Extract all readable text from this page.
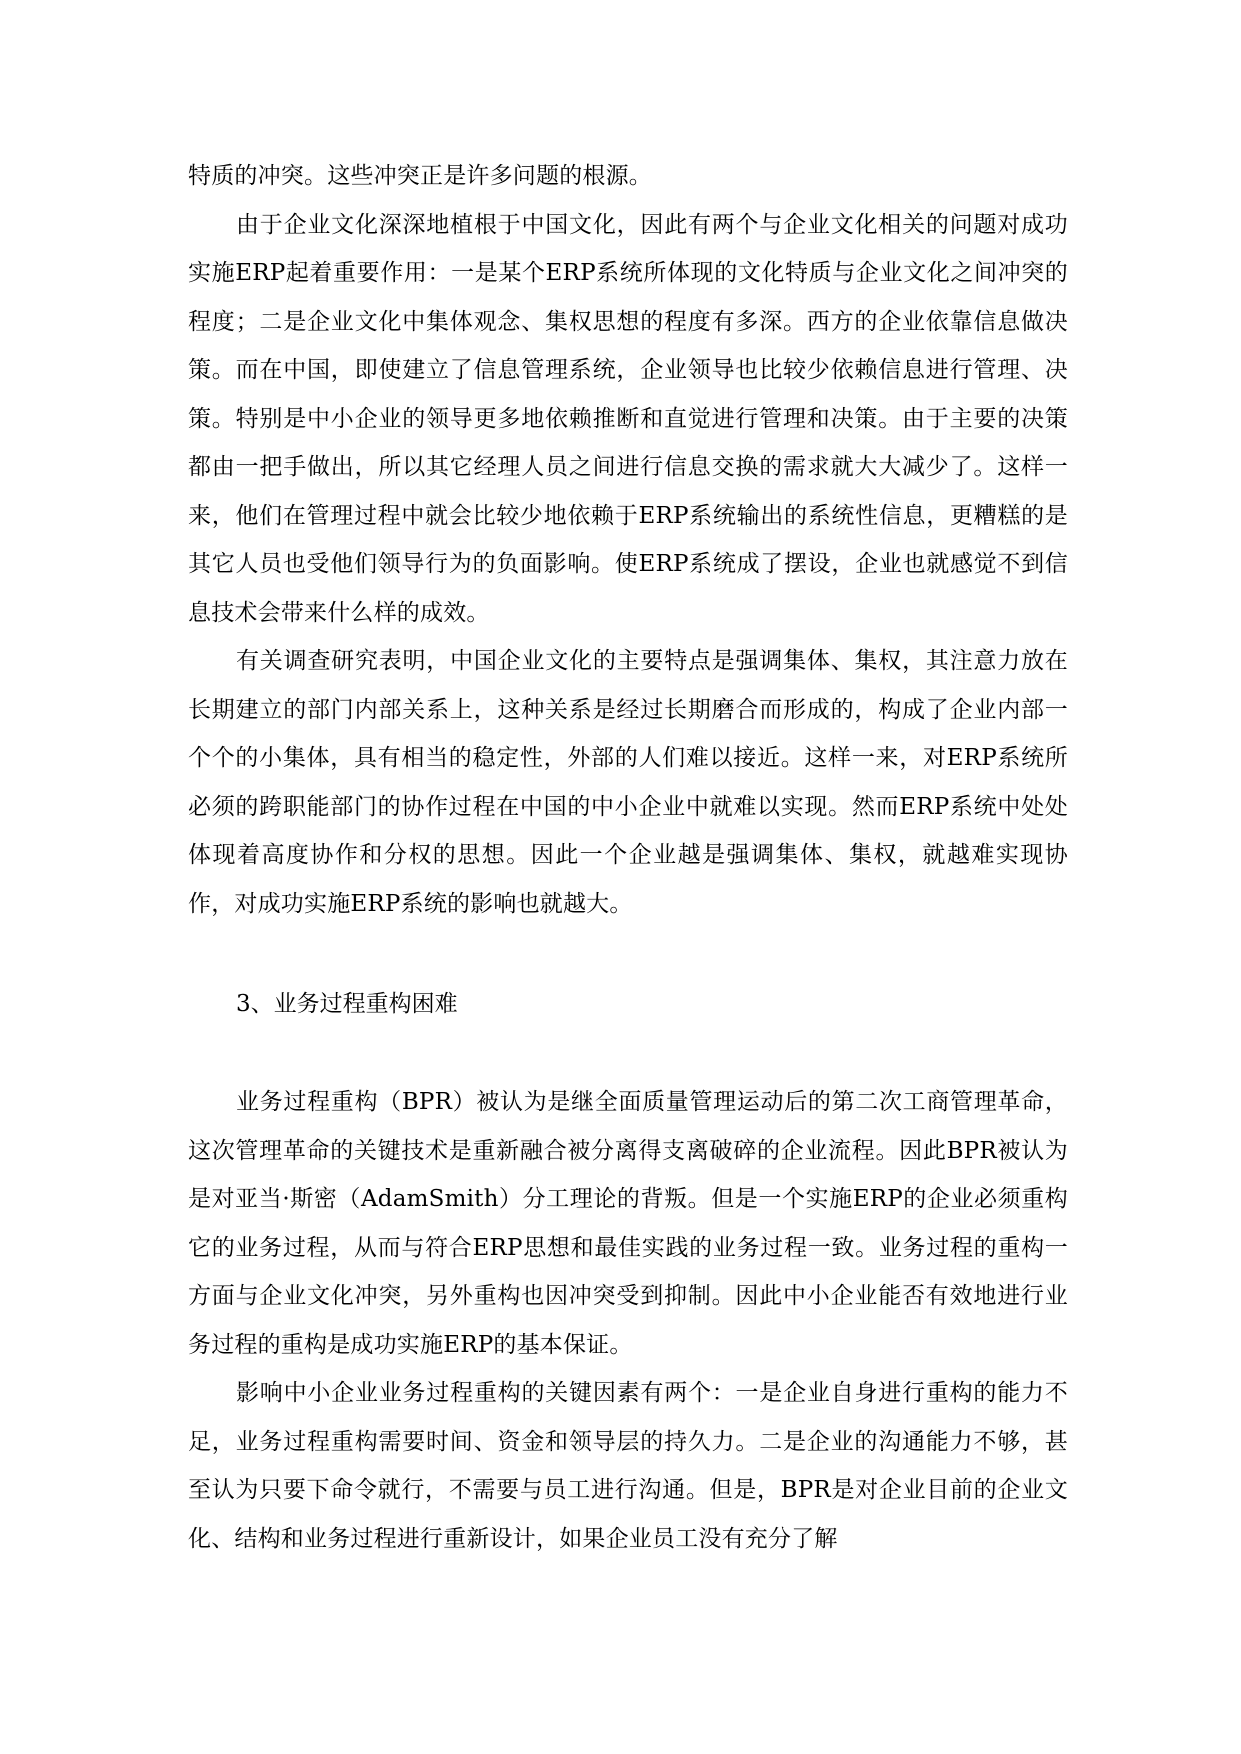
特质的冲突。这些冲突正是许多问题的根源。

由于企业文化深深地植根于中国文化，因此有两个与企业文化相关的问题对成功实施ERP起着重要作用：一是某个ERP系统所体现的文化特质与企业文化之间冲突的程度；二是企业文化中集体观念、集权思想的程度有多深。西方的企业依靠信息做决策。而在中国，即使建立了信息管理系统，企业领导也比较少依赖信息进行管理、决策。特别是中小企业的领导更多地依赖推断和直觉进行管理和决策。由于主要的决策都由一把手做出，所以其它经理人员之间进行信息交换的需求就大大减少了。这样一来，他们在管理过程中就会比较少地依赖于ERP系统输出的系统性信息，更糟糕的是其它人员也受他们领导行为的负面影响。使ERP系统成了摆设，企业也就感觉不到信息技术会带来什么样的成效。

有关调查研究表明，中国企业文化的主要特点是强调集体、集权，其注意力放在长期建立的部门内部关系上，这种关系是经过长期磨合而形成的，构成了企业内部一个个的小集体，具有相当的稳定性，外部的人们难以接近。这样一来，对ERP系统所必须的跨职能部门的协作过程在中国的中小企业中就难以实现。然而ERP系统中处处体现着高度协作和分权的思想。因此一个企业越是强调集体、集权，就越难实现协作，对成功实施ERP系统的影响也就越大。

3、业务过程重构困难

业务过程重构（BPR）被认为是继全面质量管理运动后的第二次工商管理革命，这次管理革命的关键技术是重新融合被分离得支离破碎的企业流程。因此BPR被认为是对亚当·斯密（AdamSmith）分工理论的背叛。但是一个实施ERP的企业必须重构它的业务过程，从而与符合ERP思想和最佳实践的业务过程一致。业务过程的重构一方面与企业文化冲突，另外重构也因冲突受到抑制。因此中小企业能否有效地进行业务过程的重构是成功实施ERP的基本保证。

影响中小企业业务过程重构的关键因素有两个：一是企业自身进行重构的能力不足，业务过程重构需要时间、资金和领导层的持久力。二是企业的沟通能力不够，甚至认为只要下命令就行，不需要与员工进行沟通。但是，BPR是对企业目前的企业文化、结构和业务过程进行重新设计，如果企业员工没有充分了解
